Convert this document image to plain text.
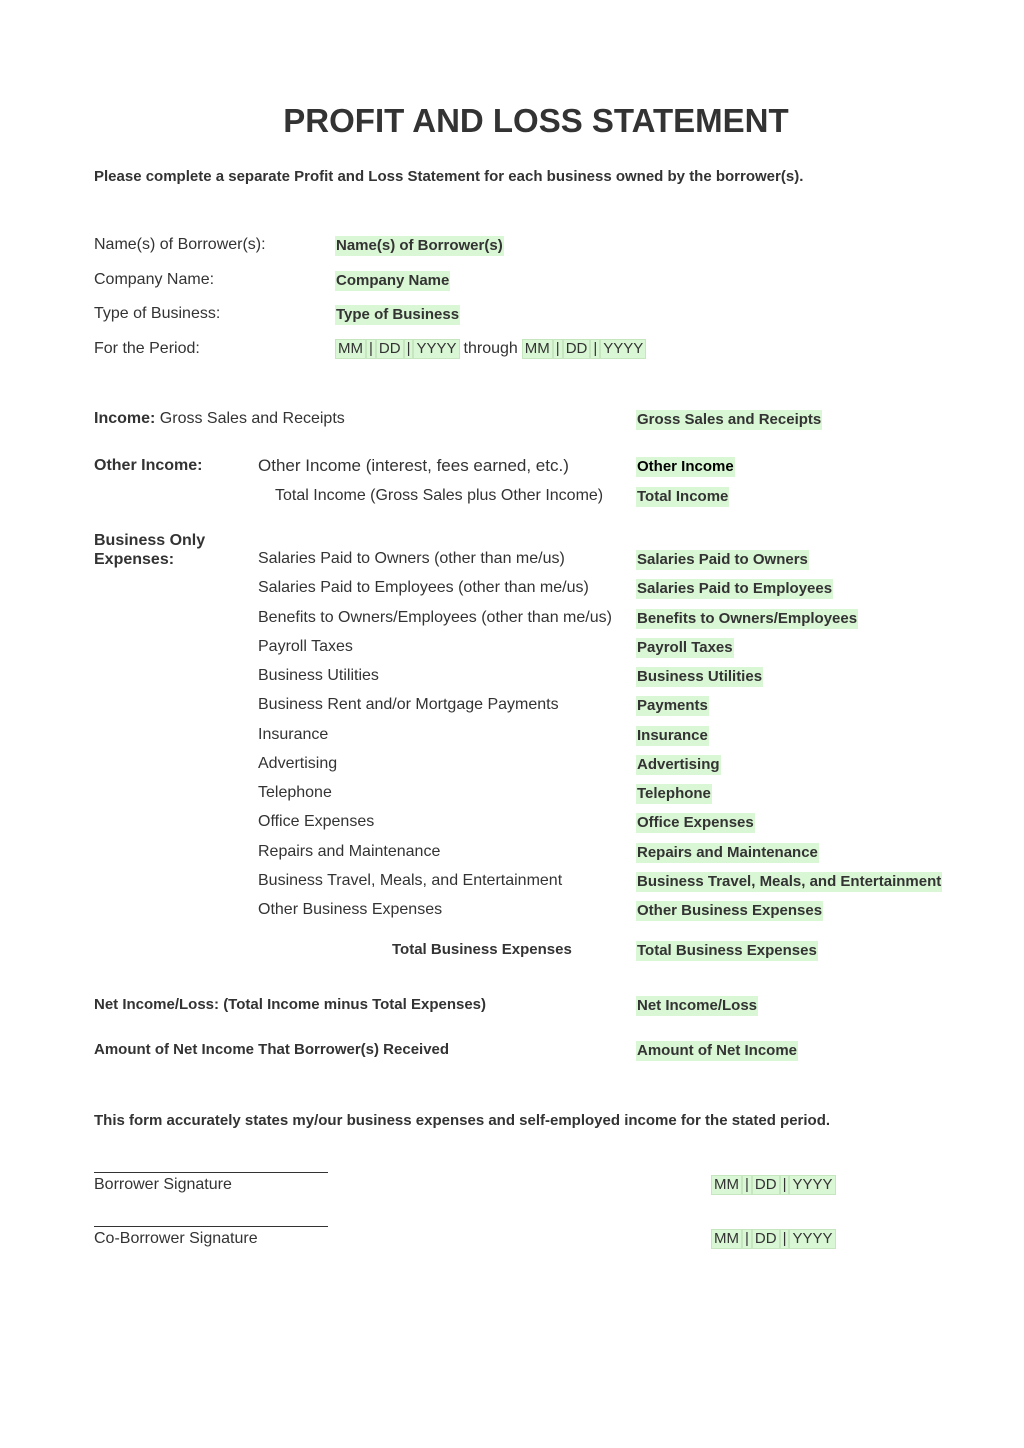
PROFIT AND LOSS STATEMENT
Please complete a separate Profit and Loss Statement for each business owned by the borrower(s).
Name(s) of Borrower(s):	Name(s) of Borrower(s)
Company Name:	Company Name
Type of Business:	Type of Business
For the Period:	MM | DD | YYYY through MM | DD | YYYY
Income: Gross Sales and Receipts	Gross Sales and Receipts
Other Income:	Other Income (interest, fees earned, etc.)	Other Income
Total Income (Gross Sales plus Other Income) Total Income
Business Only
Expenses:	Salaries Paid to Owners (other than me/us)	Salaries Paid to Owners
Salaries Paid to Employees (other than me/us)	Salaries Paid to Employees
Benefits to Owners/Employees (other than me/us) Benefits to Owners/Employees
Payroll Taxes	Payroll Taxes
Business Utilities	Business Utilities
Business Rent and/or Mortgage Payments	Payments
Insurance	Insurance
Advertising	Advertising
Telephone	Telephone
Office Expenses	Office Expenses
Repairs and Maintenance	Repairs and Maintenance
Business Travel, Meals, and Entertainment	Business Travel, Meals, and Entertainment
Other Business Expenses	Other Business Expenses
Total Business Expenses	Total Business Expenses
Net Income/Loss: (Total Income minus Total Expenses)	Net Income/Loss
Amount of Net Income That Borrower(s) Received	Amount of Net Income
This form accurately states my/our business expenses and self-employed income for the stated period.
Borrower Signature	MM | DD | YYYY
Co-Borrower Signature	MM | DD | YYYY
